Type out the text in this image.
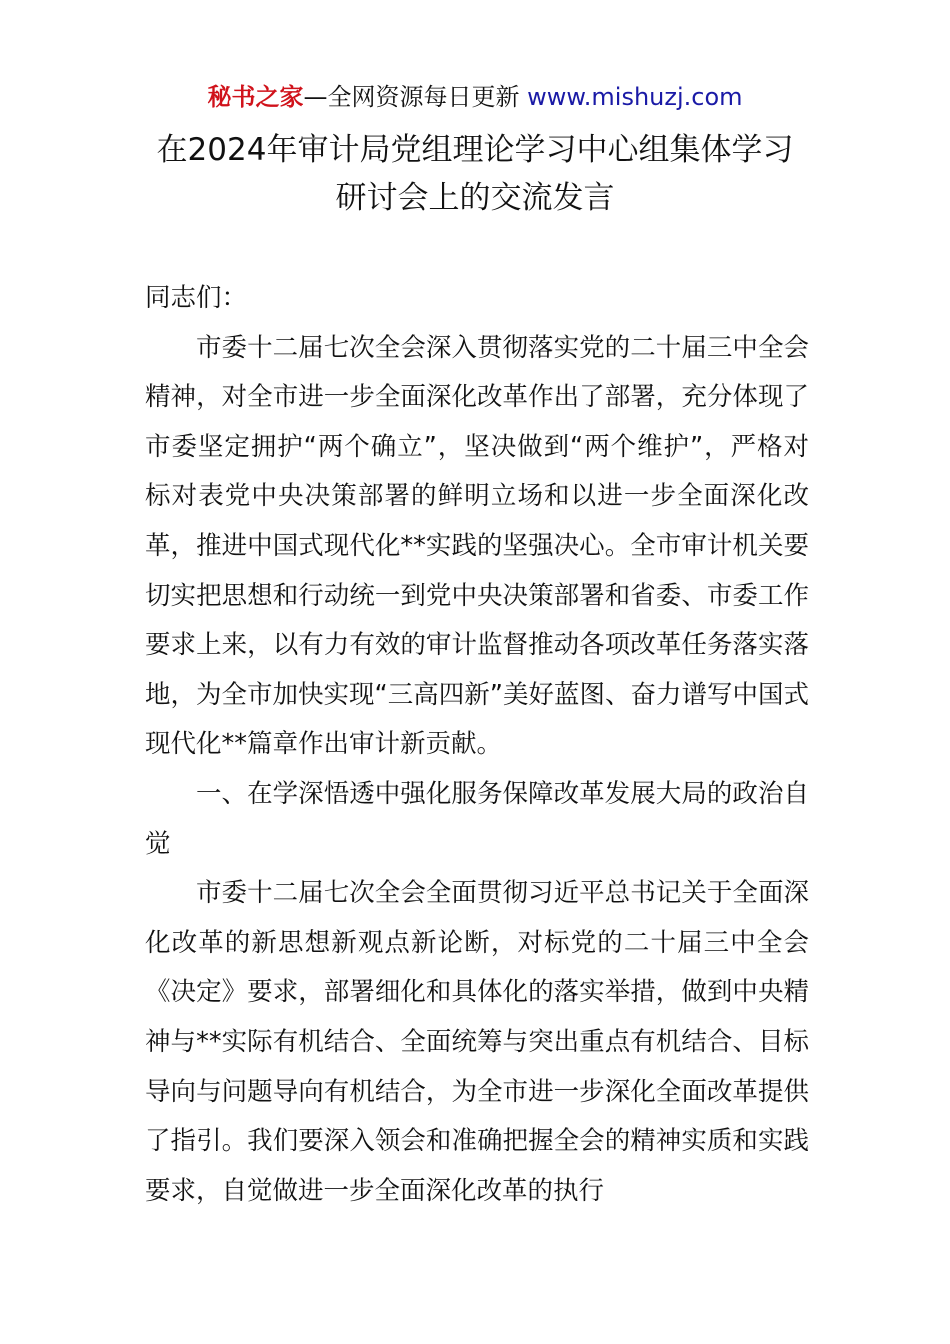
秘书之家—全网资源每日更新 www.mishuzj.com
在2024年审计局党组理论学习中心组集体学习
研讨会上的交流发言

同志们：

市委十二届七次全会深入贯彻落实党的二十届三中全会精神，对全市进一步全面深化改革作出了部署，充分体现了市委坚定拥护“两个确立”，坚决做到“两个维护”，严格对标对表党中央决策部署的鲜明立场和以进一步全面深化改革，推进中国式现代化**实践的坚强决心。全市审计机关要切实把思想和行动统一到党中央决策部署和省委、市委工作要求上来，以有力有效的审计监督推动各项改革任务落实落地，为全市加快实现“三高四新”美好蓝图、奋力谱写中国式现代化**篇章作出审计新贡献。

一、在学深悟透中强化服务保障改革发展大局的政治自觉

市委十二届七次全会全面贯彻习近平总书记关于全面深化改革的新思想新观点新论断，对标党的二十届三中全会《决定》要求，部署细化和具体化的落实举措，做到中央精神与**实际有机结合、全面统筹与突出重点有机结合、目标导向与问题导向有机结合，为全市进一步深化全面改革提供了指引。我们要深入领会和准确把握全会的精神实质和实践要求，自觉做进一步全面深化改革的执行
